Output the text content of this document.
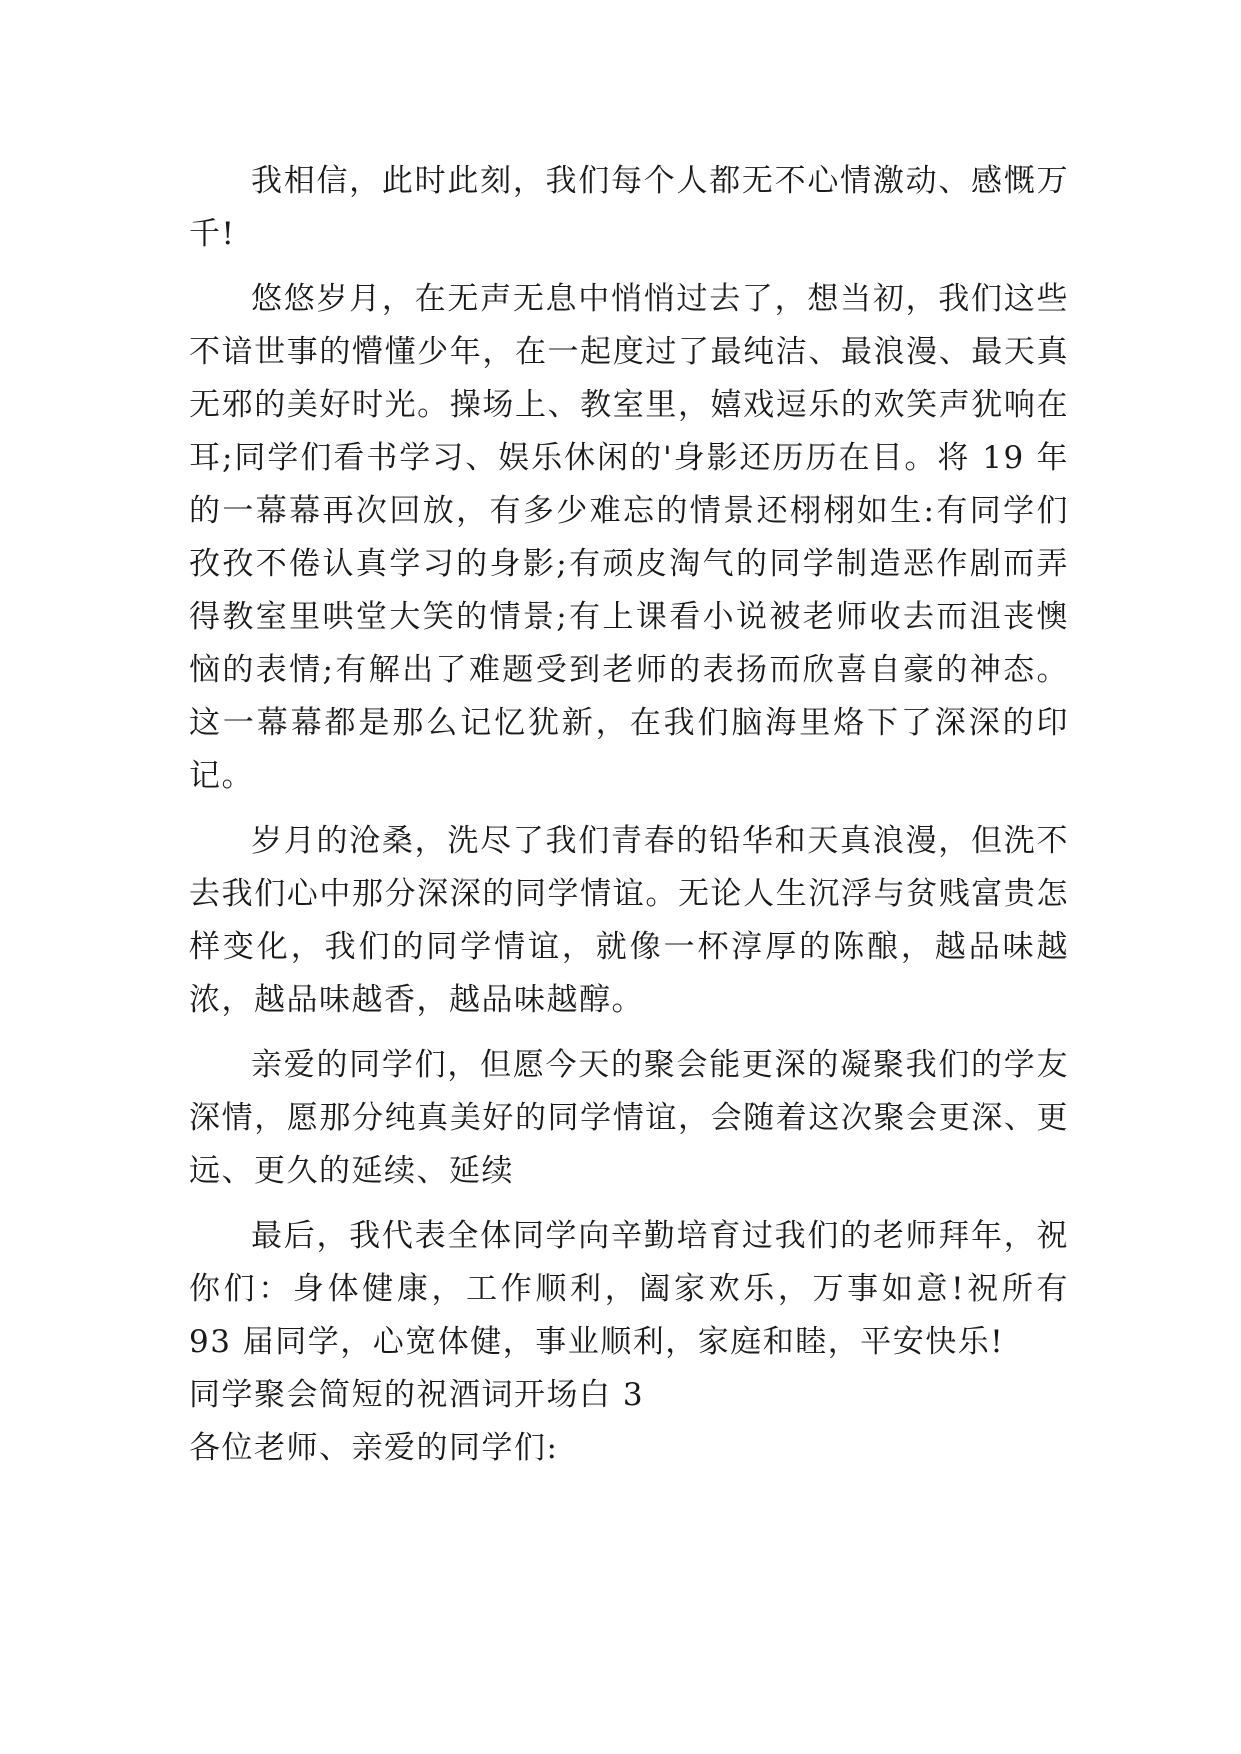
我相信，此时此刻，我们每个人都无不心情激动、感慨万千!

悠悠岁月，在无声无息中悄悄过去了，想当初，我们这些不谙世事的懵懂少年，在一起度过了最纯洁、最浪漫、最天真无邪的美好时光。操场上、教室里，嬉戏逗乐的欢笑声犹响在耳;同学们看书学习、娱乐休闲的'身影还历历在目。将 19 年的一幕幕再次回放，有多少难忘的情景还栩栩如生:有同学们孜孜不倦认真学习的身影;有顽皮淘气的同学制造恶作剧而弄得教室里哄堂大笑的情景;有上课看小说被老师收去而沮丧懊恼的表情;有解出了难题受到老师的表扬而欣喜自豪的神态。这一幕幕都是那么记忆犹新，在我们脑海里烙下了深深的印记。

岁月的沧桑，洗尽了我们青春的铅华和天真浪漫，但洗不去我们心中那分深深的同学情谊。无论人生沉浮与贫贱富贵怎样变化，我们的同学情谊，就像一杯淳厚的陈酿，越品味越浓，越品味越香，越品味越醇。

亲爱的同学们，但愿今天的聚会能更深的凝聚我们的学友深情，愿那分纯真美好的同学情谊，会随着这次聚会更深、更远、更久的延续、延续

最后，我代表全体同学向辛勤培育过我们的老师拜年，祝你们：身体健康，工作顺利，阖家欢乐，万事如意!祝所有 93 届同学，心宽体健，事业顺利，家庭和睦，平安快乐!

同学聚会简短的祝酒词开场白 3

各位老师、亲爱的同学们:
